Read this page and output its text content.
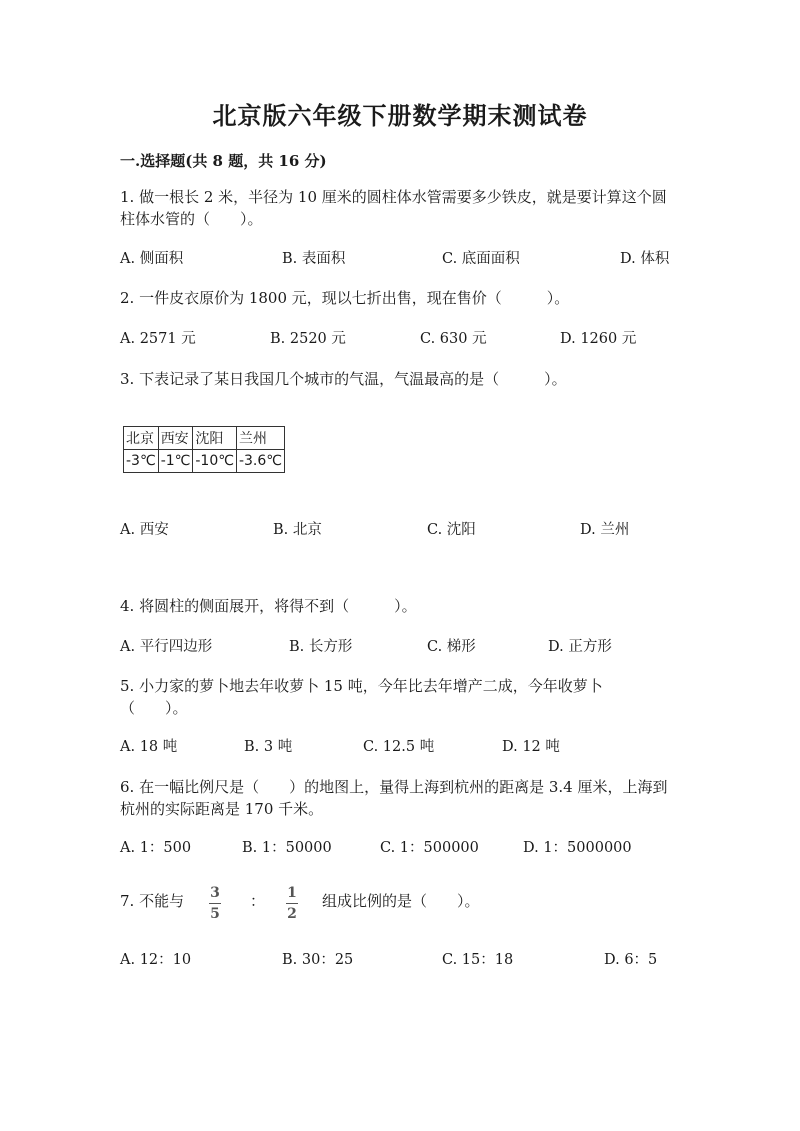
北京版六年级下册数学期末测试卷
一.选择题(共 8 题，共 16 分)
1. 做一根长 2 米，半径为 10 厘米的圆柱体水管需要多少铁皮，就是要计算这个圆柱体水管的（　　）。
A. 侧面积	B. 表面积	C. 底面面积	D. 体积
2. 一件皮衣原价为 1800 元，现以七折出售，现在售价（　　　）。
A. 2571 元	B. 2520 元	C. 630 元	D. 1260 元
3. 下表记录了某日我国几个城市的气温，气温最高的是（　　　）。
北京	西安	沈阳	兰州
-3℃	-1℃	-10℃	-3.6℃
A. 西安	B. 北京	C. 沈阳	D. 兰州
4. 将圆柱的侧面展开，将得不到（　　　）。
A. 平行四边形	B. 长方形	C. 梯形	D. 正方形
5. 小力家的萝卜地去年收萝卜 15 吨，今年比去年增产二成，今年收萝卜（　　）。
A. 18 吨	B. 3 吨	C. 12.5 吨	D. 12 吨
6. 在一幅比例尺是（　　）的地图上，量得上海到杭州的距离是 3.4 厘米，上海到杭州的实际距离是 170 千米。
A. 1：500	B. 1：50000	C. 1：500000	D. 1：5000000
7. 不能与 $\frac{3}{5}$ ： $\frac{1}{2}$ 组成比例的是（　　）。
A. 12：10	B. 30：25	C. 15：18	D. 6：5
